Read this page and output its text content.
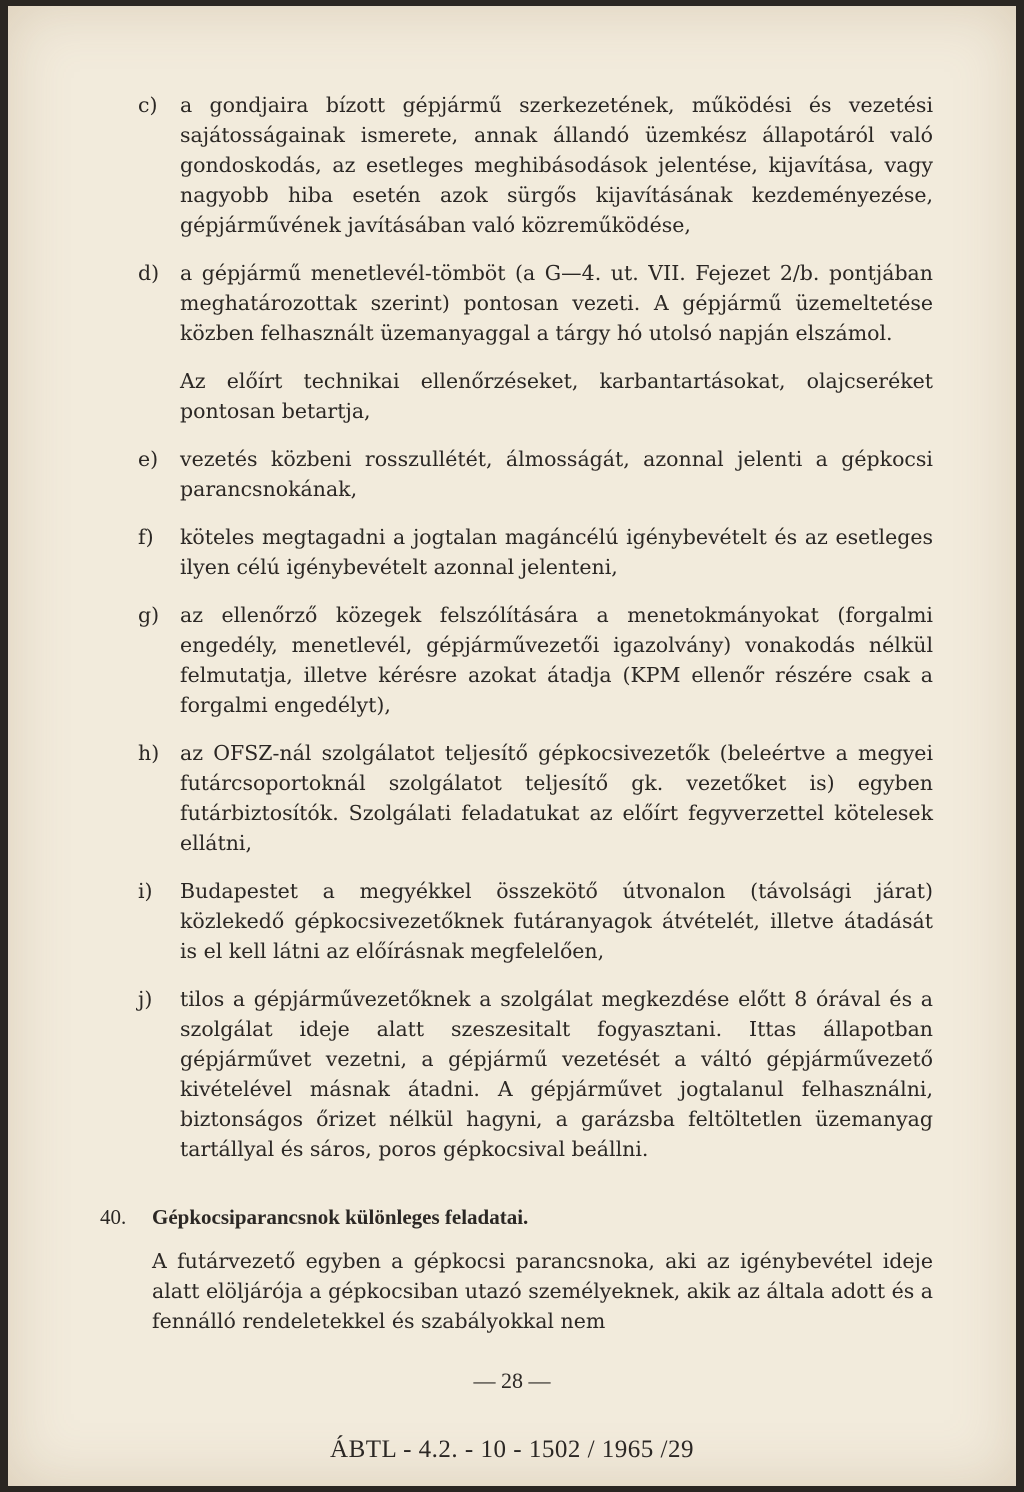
c)	a gondjaira bízott gépjármű szerkezetének, működési és vezetési sajátosságainak ismerete, annak állandó üzemkész állapotáról való gondoskodás, az esetleges meghibásodások jelentése, kijavítása, vagy nagyobb hiba esetén azok sürgős kijavításának kezdeményezése, gépjárművének javításában való közreműködése,
d)	a gépjármű menetlevél-tömböt (a G—4. ut. VII. Fejezet 2/b. pontjában meghatározottak szerint) pontosan vezeti. A gépjármű üzemeltetése közben felhasznált üzemanyaggal a tárgy hó utolsó napján elszámol.
Az előírt technikai ellenőrzéseket, karbantartásokat, olajcseréket pontosan betartja,
e)	vezetés közbeni rosszullétét, álmosságát, azonnal jelenti a gépkocsi parancsnokának,
f)	köteles megtagadni a jogtalan magáncélú igénybevételt és az esetleges ilyen célú igénybevételt azonnal jelenteni,
g)	az ellenőrző közegek felszólítására a menetokmányokat (forgalmi engedély, menetlevél, gépjárművezetői igazolvány) vonakodás nélkül felmutatja, illetve kérésre azokat átadja (KPM ellenőr részére csak a forgalmi engedélyt),
h)	az OFSZ-nál szolgálatot teljesítő gépkocsivezetők (beleértve a megyei futárcsoportoknál szolgálatot teljesítő gk. vezetőket is) egyben futárbiztosítók. Szolgálati feladatukat az előírt fegyverzettel kötelesek ellátni,
i)	Budapestet a megyékkel összekötő útvonalon (távolsági járat) közlekedő gépkocsivezetőknek futáranyagok átvételét, illetve átadását is el kell látni az előírásnak megfelelően,
j)	tilos a gépjárművezetőknek a szolgálat megkezdése előtt 8 órával és a szolgálat ideje alatt szeszesitalt fogyasztani. Ittas állapotban gépjárművet vezetni, a gépjármű vezetését a váltó gépjárművezető kivételével másnak átadni. A gépjárművet jogtalanul felhasználni, biztonságos őrizet nélkül hagyni, a garázsba feltöltetlen üzemanyag tartállyal és sáros, poros gépkocsival beállni.
40.	Gépkocsiparancsnok különleges feladatai.
A futárvezető egyben a gépkocsi parancsnoka, aki az igénybevétel ideje alatt elöljárója a gépkocsiban utazó személyeknek, akik az általa adott és a fennálló rendeletekkel és szabályokkal nem
— 28 —
ÁBTL - 4.2. - 10 - 1502 / 1965 /29
